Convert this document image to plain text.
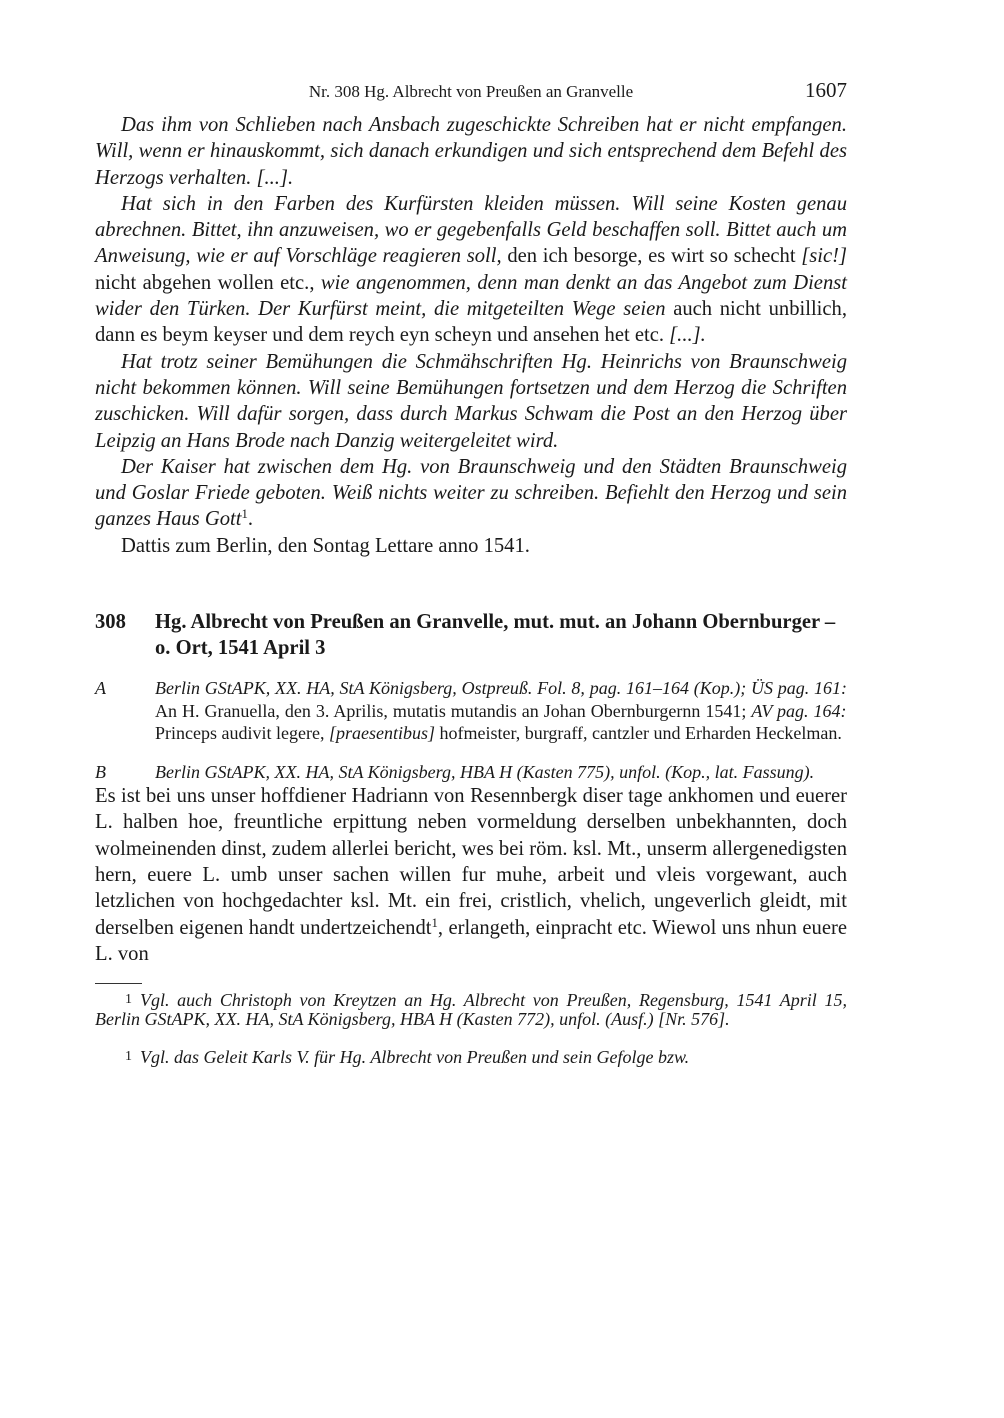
Nr. 308 Hg. Albrecht von Preußen an Granvelle	1607

Das ihm von Schlieben nach Ansbach zugeschickte Schreiben hat er nicht empfangen. Will, wenn er hinauskommt, sich danach erkundigen und sich entsprechend dem Befehl des Herzogs verhalten. [...].

Hat sich in den Farben des Kurfürsten kleiden müssen. Will seine Kosten genau abrechnen. Bittet, ihn anzuweisen, wo er gegebenfalls Geld beschaffen soll. Bittet auch um Anweisung, wie er auf Vorschläge reagieren soll, den ich besorge, es wirt so schecht [sic!] nicht abgehen wollen etc., wie angenommen, denn man denkt an das Angebot zum Dienst wider den Türken. Der Kurfürst meint, die mitgeteilten Wege seien auch nicht unbillich, dann es beym keyser und dem reych eyn scheyn und ansehen het etc. [...].

Hat trotz seiner Bemühungen die Schmähschriften Hg. Heinrichs von Braunschweig nicht bekommen können. Will seine Bemühungen fortsetzen und dem Herzog die Schriften zuschicken. Will dafür sorgen, dass durch Markus Schwam die Post an den Herzog über Leipzig an Hans Brode nach Danzig weitergeleitet wird.

Der Kaiser hat zwischen dem Hg. von Braunschweig und den Städten Braunschweig und Goslar Friede geboten. Weiß nichts weiter zu schreiben. Befiehlt den Herzog und sein ganzes Haus Gott$^1$.

Dattis zum Berlin, den Sontag Lettare anno 1541.

308	Hg. Albrecht von Preußen an Granvelle, mut. mut. an Johann Obernburger – o. Ort, 1541 April 3
A	Berlin GStAPK, XX. HA, StA Königsberg, Ostpreuß. Fol. 8, pag. 161–164 (Kop.); ÜS pag. 161: An H. Granuella, den 3. Aprilis, mutatis mutandis an Johan Obernburgernn 1541; AV pag. 164: Princeps audivit legere, [praesentibus] hofmeister, burgraff, cantzler und Erharden Heckelman.
B	Berlin GStAPK, XX. HA, StA Königsberg, HBA H (Kasten 775), unfol. (Kop., lat. Fassung).

Es ist bei uns unser hoffdiener Hadriann von Resennbergk diser tage ankhomen und euerer L. halben hoe, freuntliche erpittung neben vormeldung derselben unbekhannten, doch wolmeinenden dinst, zudem allerlei bericht, wes bei röm. ksl. Mt., unserm allergenedigsten hern, euere L. umb unser sachen willen fur muhe, arbeit und vleis vorgewant, auch letzlichen von hochgedachter ksl. Mt. ein frei, cristlich, vhelich, ungeverlich gleidt, mit derselben eigenen handt undertzeichendt$^1$, erlangeth, einpracht etc. Wiewol uns nhun euere L. von

1 Vgl. auch Christoph von Kreytzen an Hg. Albrecht von Preußen, Regensburg, 1541 April 15, Berlin GStAPK, XX. HA, StA Königsberg, HBA H (Kasten 772), unfol. (Ausf.) [Nr. 576].
1 Vgl. das Geleit Karls V. für Hg. Albrecht von Preußen und sein Gefolge bzw.
